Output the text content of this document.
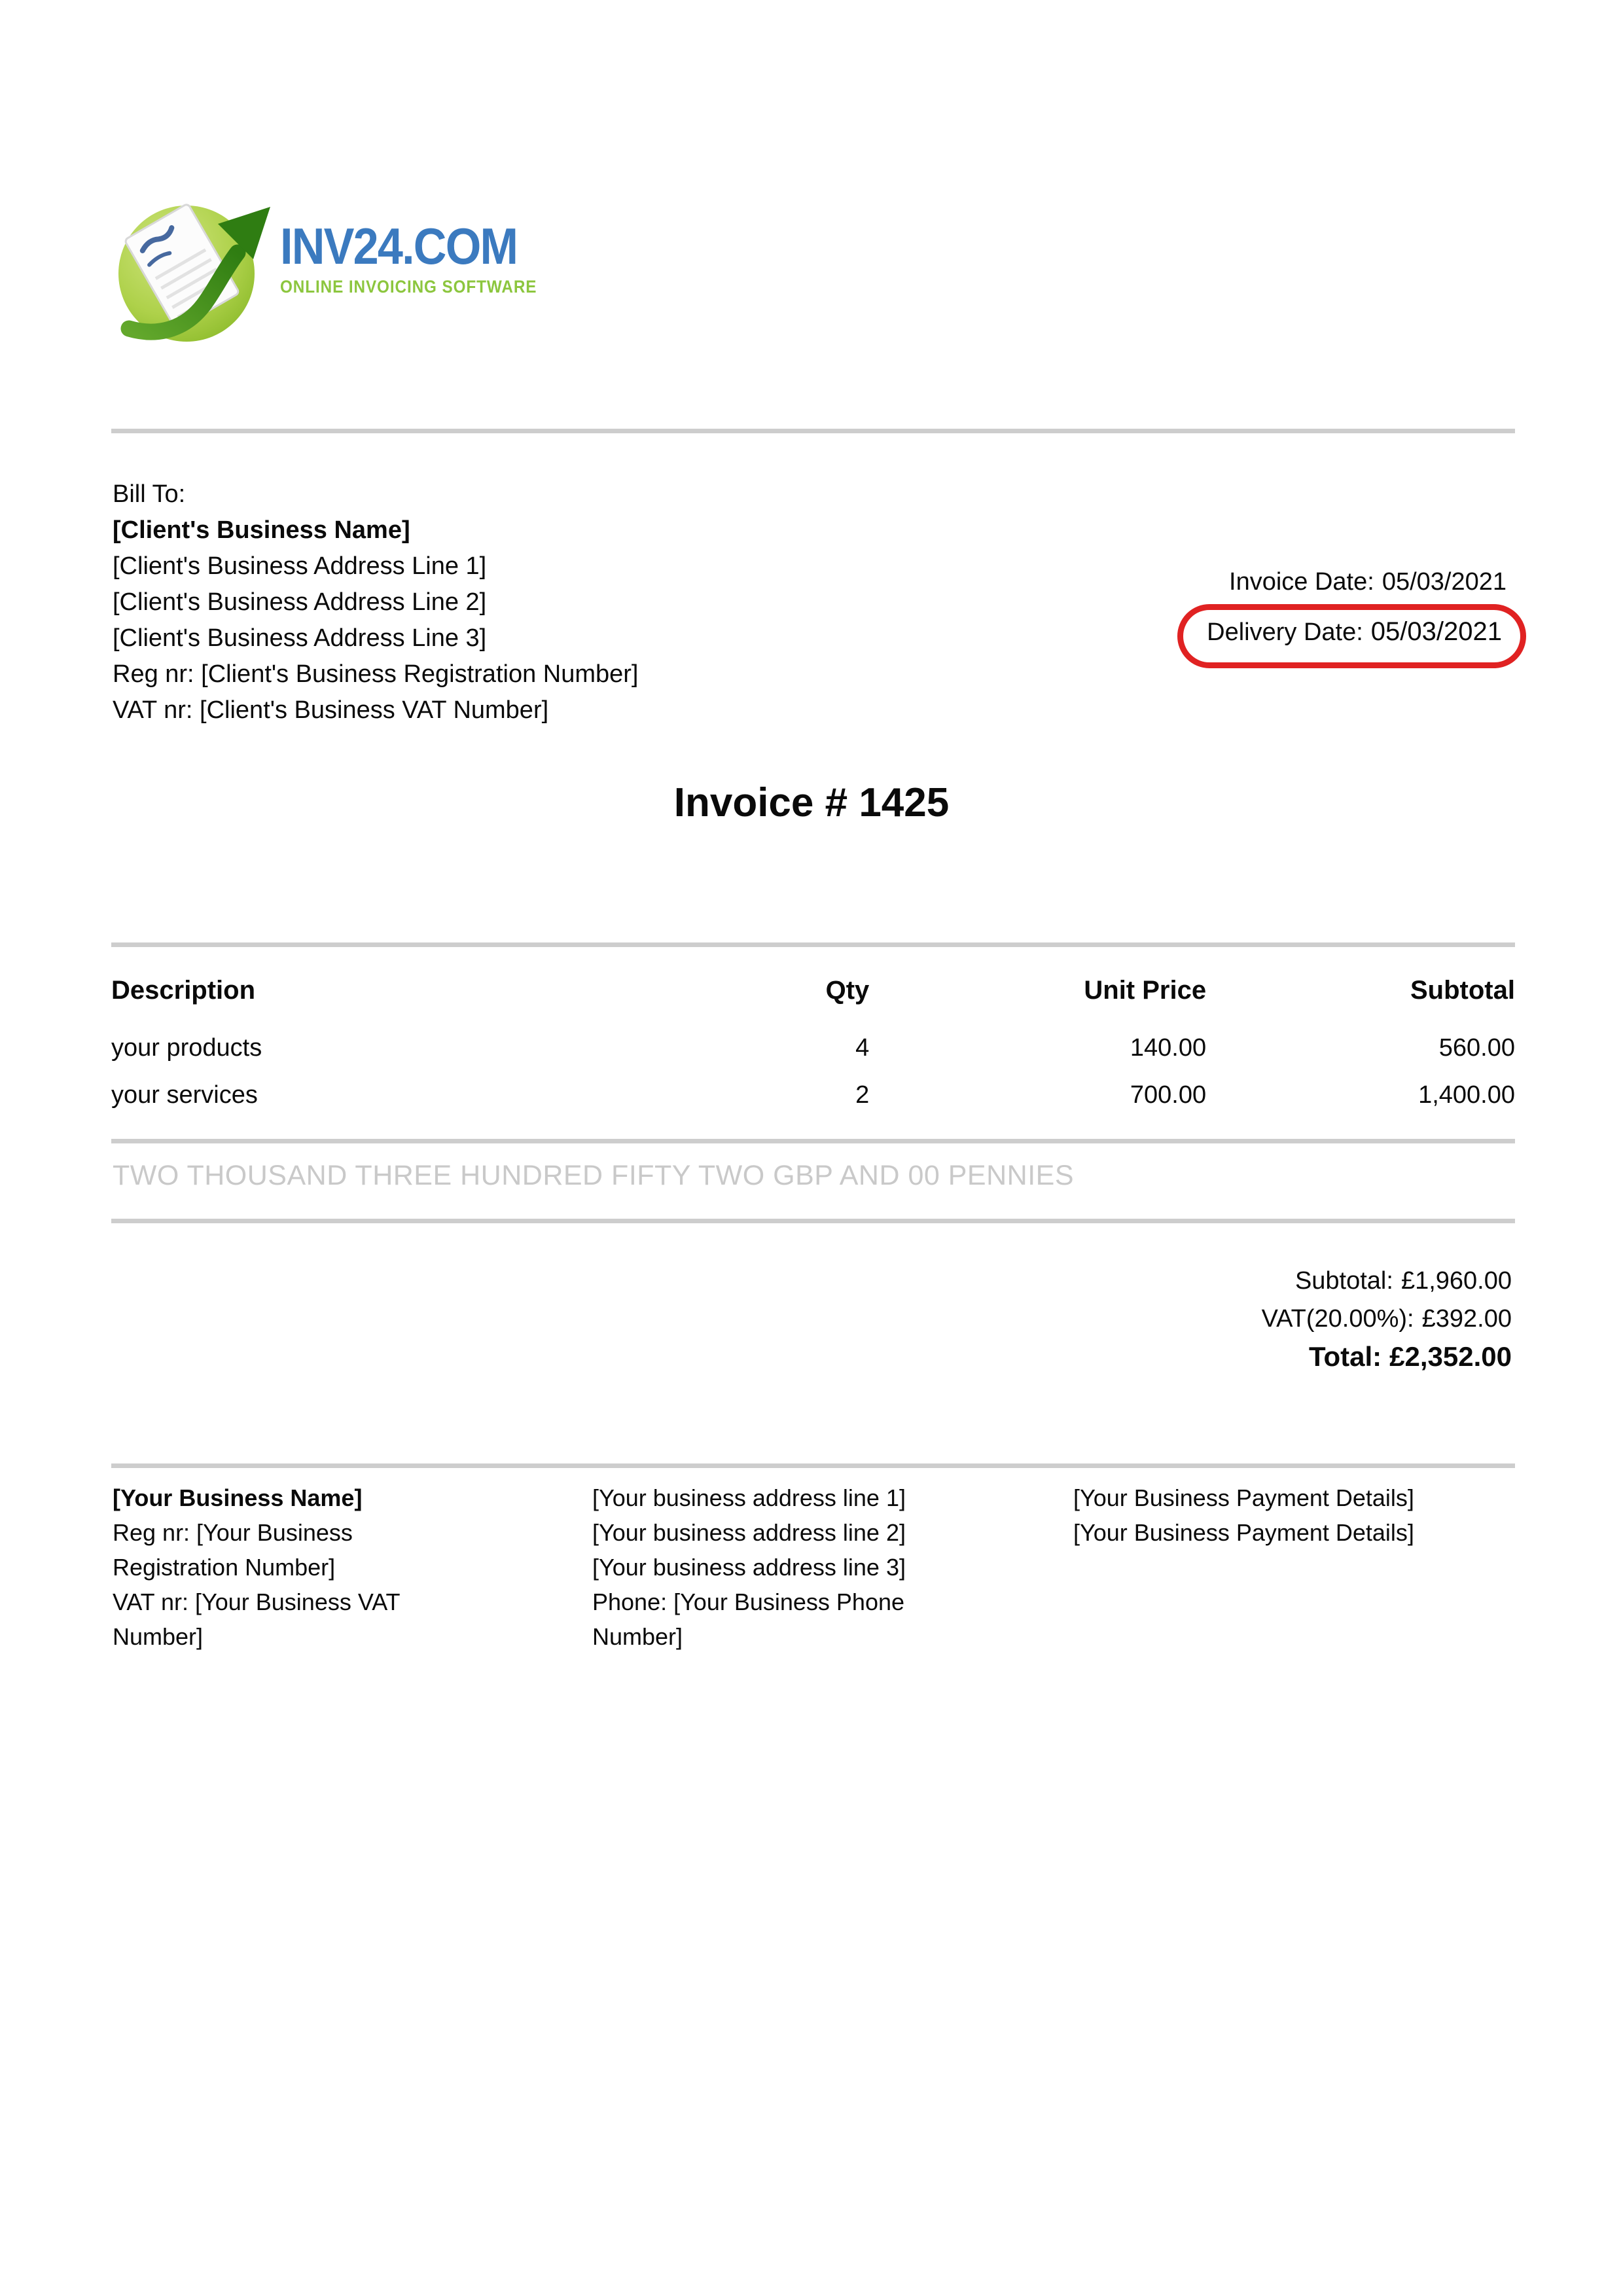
INV24.COM
ONLINE INVOICING SOFTWARE
Bill To:
[Client's Business Name]
[Client's Business Address Line 1]
[Client's Business Address Line 2]
[Client's Business Address Line 3]
Reg nr: [Client's Business Registration Number]
VAT nr: [Client's Business VAT Number]
Invoice Date: 05/03/2021
Delivery Date: 05/03/2021
Invoice # 1425
Description	Qty	Unit Price	Subtotal
your products	4	140.00	560.00
your services	2	700.00	1,400.00
TWO THOUSAND THREE HUNDRED FIFTY TWO GBP AND 00 PENNIES
Subtotal: £1,960.00
VAT(20.00%): £392.00
Total: £2,352.00
[Your Business Name]
Reg nr: [Your Business Registration Number]
VAT nr: [Your Business VAT Number]
[Your business address line 1]
[Your business address line 2]
[Your business address line 3]
Phone: [Your Business Phone Number]
[Your Business Payment Details]
[Your Business Payment Details]
